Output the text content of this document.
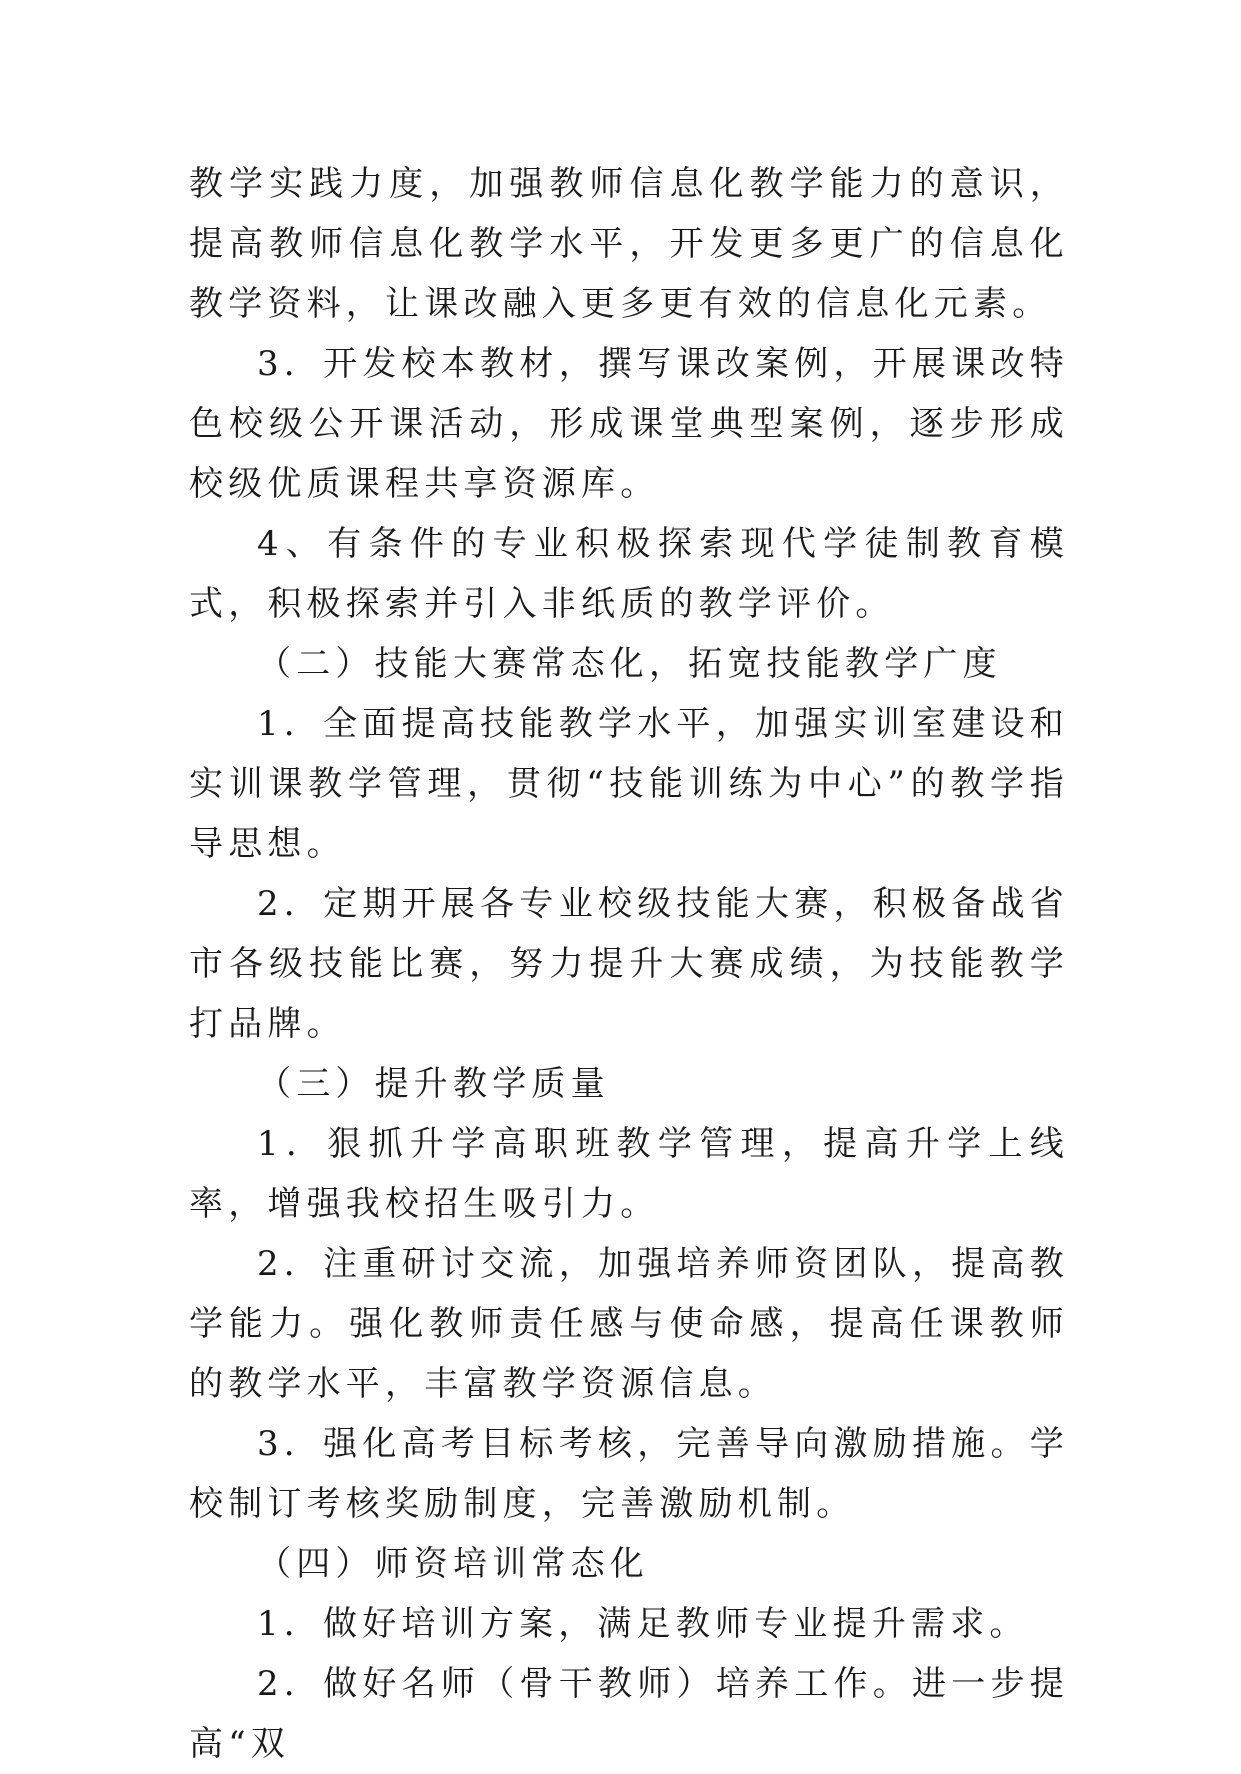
教学实践力度，加强教师信息化教学能力的意识，提高教师信息化教学水平，开发更多更广的信息化教学资料，让课改融入更多更有效的信息化元素。

3．开发校本教材，撰写课改案例，开展课改特色校级公开课活动，形成课堂典型案例，逐步形成校级优质课程共享资源库。

4、有条件的专业积极探索现代学徒制教育模式，积极探索并引入非纸质的教学评价。

（二）技能大赛常态化，拓宽技能教学广度

1．全面提高技能教学水平，加强实训室建设和实训课教学管理，贯彻“技能训练为中心”的教学指导思想。

2．定期开展各专业校级技能大赛，积极备战省市各级技能比赛，努力提升大赛成绩，为技能教学打品牌。

（三）提升教学质量

1．狠抓升学高职班教学管理，提高升学上线率，增强我校招生吸引力。

2．注重研讨交流，加强培养师资团队，提高教学能力。强化教师责任感与使命感，提高任课教师的教学水平，丰富教学资源信息。

3．强化高考目标考核，完善导向激励措施。学校制订考核奖励制度，完善激励机制。

（四）师资培训常态化

1．做好培训方案，满足教师专业提升需求。

2．做好名师（骨干教师）培养工作。进一步提高“双
